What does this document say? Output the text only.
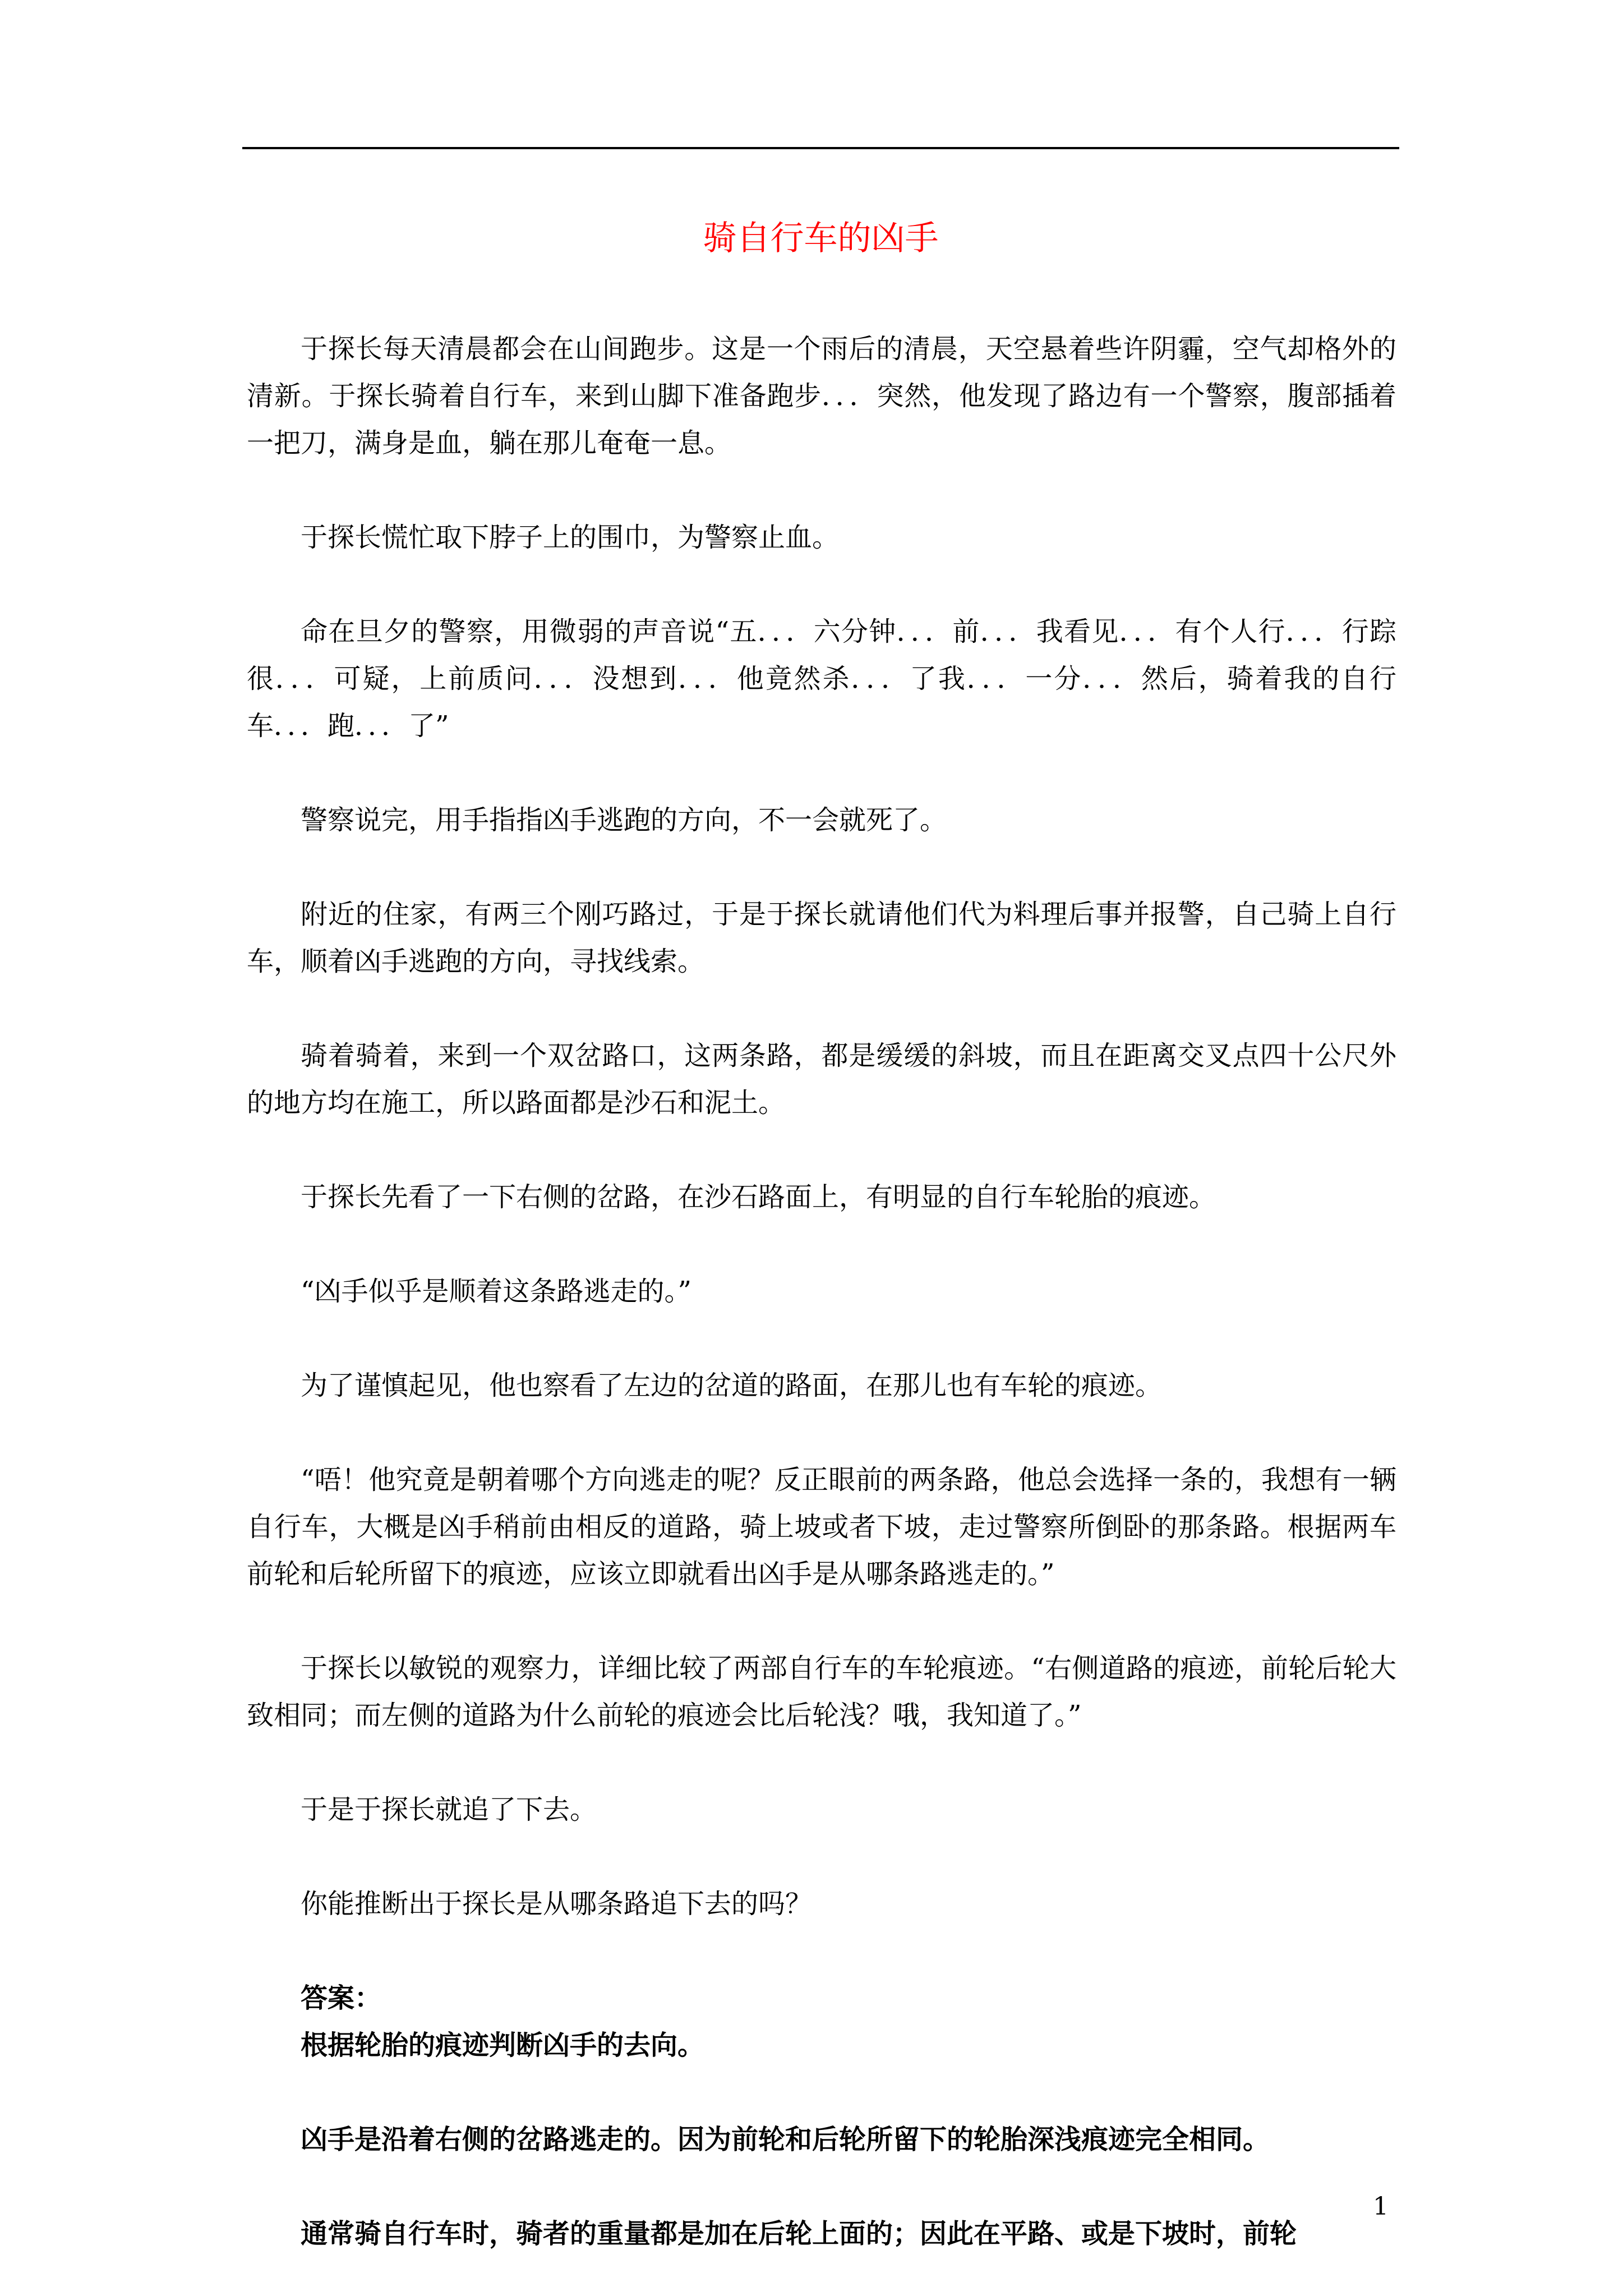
骑自行车的凶手

于探长每天清晨都会在山间跑步。这是一个雨后的清晨，天空悬着些许阴霾，空气却格外的清新。于探长骑着自行车，来到山脚下准备跑步．．．突然，他发现了路边有一个警察，腹部插着一把刀，满身是血，躺在那儿奄奄一息。

于探长慌忙取下脖子上的围巾，为警察止血。

命在旦夕的警察，用微弱的声音说“五．．．六分钟．．．前．．．我看见．．．有个人行．．．行踪很．．．可疑，上前质问．．．没想到．．．他竟然杀．．．了我．．．一分．．．然后，骑着我的自行车．．．跑．．．了”

警察说完，用手指指凶手逃跑的方向，不一会就死了。

附近的住家，有两三个刚巧路过，于是于探长就请他们代为料理后事并报警，自己骑上自行车，顺着凶手逃跑的方向，寻找线索。

骑着骑着，来到一个双岔路口，这两条路，都是缓缓的斜坡，而且在距离交叉点四十公尺外的地方均在施工，所以路面都是沙石和泥土。

于探长先看了一下右侧的岔路，在沙石路面上，有明显的自行车轮胎的痕迹。

“凶手似乎是顺着这条路逃走的。”

为了谨慎起见，他也察看了左边的岔道的路面，在那儿也有车轮的痕迹。

“唔！他究竟是朝着哪个方向逃走的呢？反正眼前的两条路，他总会选择一条的，我想有一辆自行车，大概是凶手稍前由相反的道路，骑上坡或者下坡，走过警察所倒卧的那条路。根据两车前轮和后轮所留下的痕迹，应该立即就看出凶手是从哪条路逃走的。”

于探长以敏锐的观察力，详细比较了两部自行车的车轮痕迹。“右侧道路的痕迹，前轮后轮大致相同；而左侧的道路为什么前轮的痕迹会比后轮浅？哦，我知道了。”

于是于探长就追了下去。

你能推断出于探长是从哪条路追下去的吗？

答案：

根据轮胎的痕迹判断凶手的去向。

凶手是沿着右侧的岔路逃走的。因为前轮和后轮所留下的轮胎深浅痕迹完全相同。

通常骑自行车时，骑者的重量都是加在后轮上面的；因此在平路、或是下坡时，前轮

1
